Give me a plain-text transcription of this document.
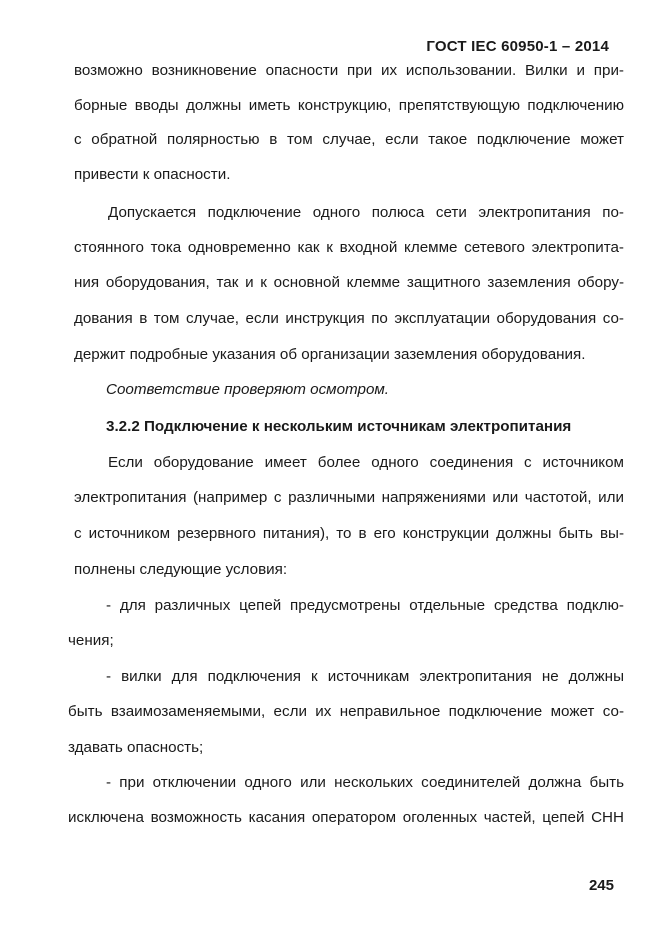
ГОСТ IEC 60950-1 – 2014
возможно возникновение опасности при их использовании. Вилки и при-
борные вводы должны иметь конструкцию, препятствующую подключению
с обратной полярностью в том случае, если такое подключение может
привести к опасности.
Допускается подключение одного полюса сети электропитания по-
стоянного тока одновременно как к входной клемме сетевого электропита-
ния оборудования, так и к основной клемме защитного заземления обору-
дования в том случае, если инструкция по эксплуатации оборудования со-
держит подробные указания об организации заземления оборудования.
Соответствие проверяют осмотром.
3.2.2 Подключение к нескольким источникам электропитания
Если оборудование имеет более одного соединения с источником
электропитания (например с различными напряжениями или частотой, или
с источником резервного питания), то в его конструкции должны быть вы-
полнены следующие условия:
- для различных цепей предусмотрены отдельные средства подклю-
чения;
- вилки для подключения к источникам электропитания не должны
быть взаимозаменяемыми, если их неправильное подключение может со-
здавать опасность;
- при отключении одного или нескольких соединителей должна быть
исключена возможность касания оператором оголенных частей, цепей СНН
245
